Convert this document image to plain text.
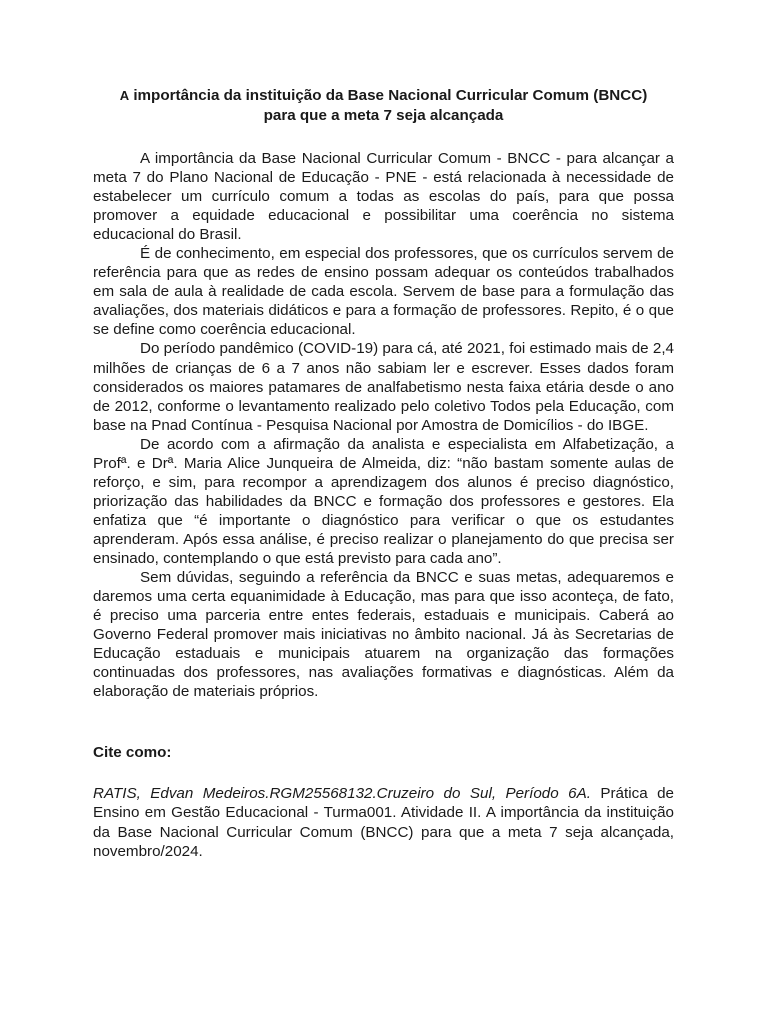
A importância da instituição da Base Nacional Curricular Comum (BNCC)
para que a meta 7 seja alcançada

A importância da Base Nacional Curricular Comum - BNCC - para alcançar a meta 7 do Plano Nacional de Educação - PNE - está relacionada à necessidade de estabelecer um currículo comum a todas as escolas do país, para que possa promover a equidade educacional e possibilitar uma coerência no sistema educacional do Brasil.

É de conhecimento, em especial dos professores, que os currículos servem de referência para que as redes de ensino possam adequar os conteúdos trabalhados em sala de aula à realidade de cada escola. Servem de base para a formulação das avaliações, dos materiais didáticos e para a formação de professores. Repito, é o que se define como coerência educacional.

Do período pandêmico (COVID-19) para cá, até 2021, foi estimado mais de 2,4 milhões de crianças de 6 a 7 anos não sabiam ler e escrever. Esses dados foram considerados os maiores patamares de analfabetismo nesta faixa etária desde o ano de 2012, conforme o levantamento realizado pelo coletivo Todos pela Educação, com base na Pnad Contínua - Pesquisa Nacional por Amostra de Domicílios - do IBGE.

De acordo com a afirmação da analista e especialista em Alfabetização, a Profª. e Drª. Maria Alice Junqueira de Almeida, diz: “não bastam somente aulas de reforço, e sim, para recompor a aprendizagem dos alunos é preciso diagnóstico, priorização das habilidades da BNCC e formação dos professores e gestores. Ela enfatiza que “é importante o diagnóstico para verificar o que os estudantes aprenderam. Após essa análise, é preciso realizar o planejamento do que precisa ser ensinado, contemplando o que está previsto para cada ano”.

Sem dúvidas, seguindo a referência da BNCC e suas metas, adequaremos e daremos uma certa equanimidade à Educação, mas para que isso aconteça, de fato, é preciso uma parceria entre entes federais, estaduais e municipais. Caberá ao Governo Federal promover mais iniciativas no âmbito nacional. Já às Secretarias de Educação estaduais e municipais atuarem na organização das formações continuadas dos professores, nas avaliações formativas e diagnósticas. Além da elaboração de materiais próprios.

Cite como:

RATIS, Edvan Medeiros.RGM25568132.Cruzeiro do Sul, Período 6A. Prática de Ensino em Gestão Educacional - Turma001. Atividade II. A importância da instituição da Base Nacional Curricular Comum (BNCC) para que a meta 7 seja alcançada, novembro/2024.
